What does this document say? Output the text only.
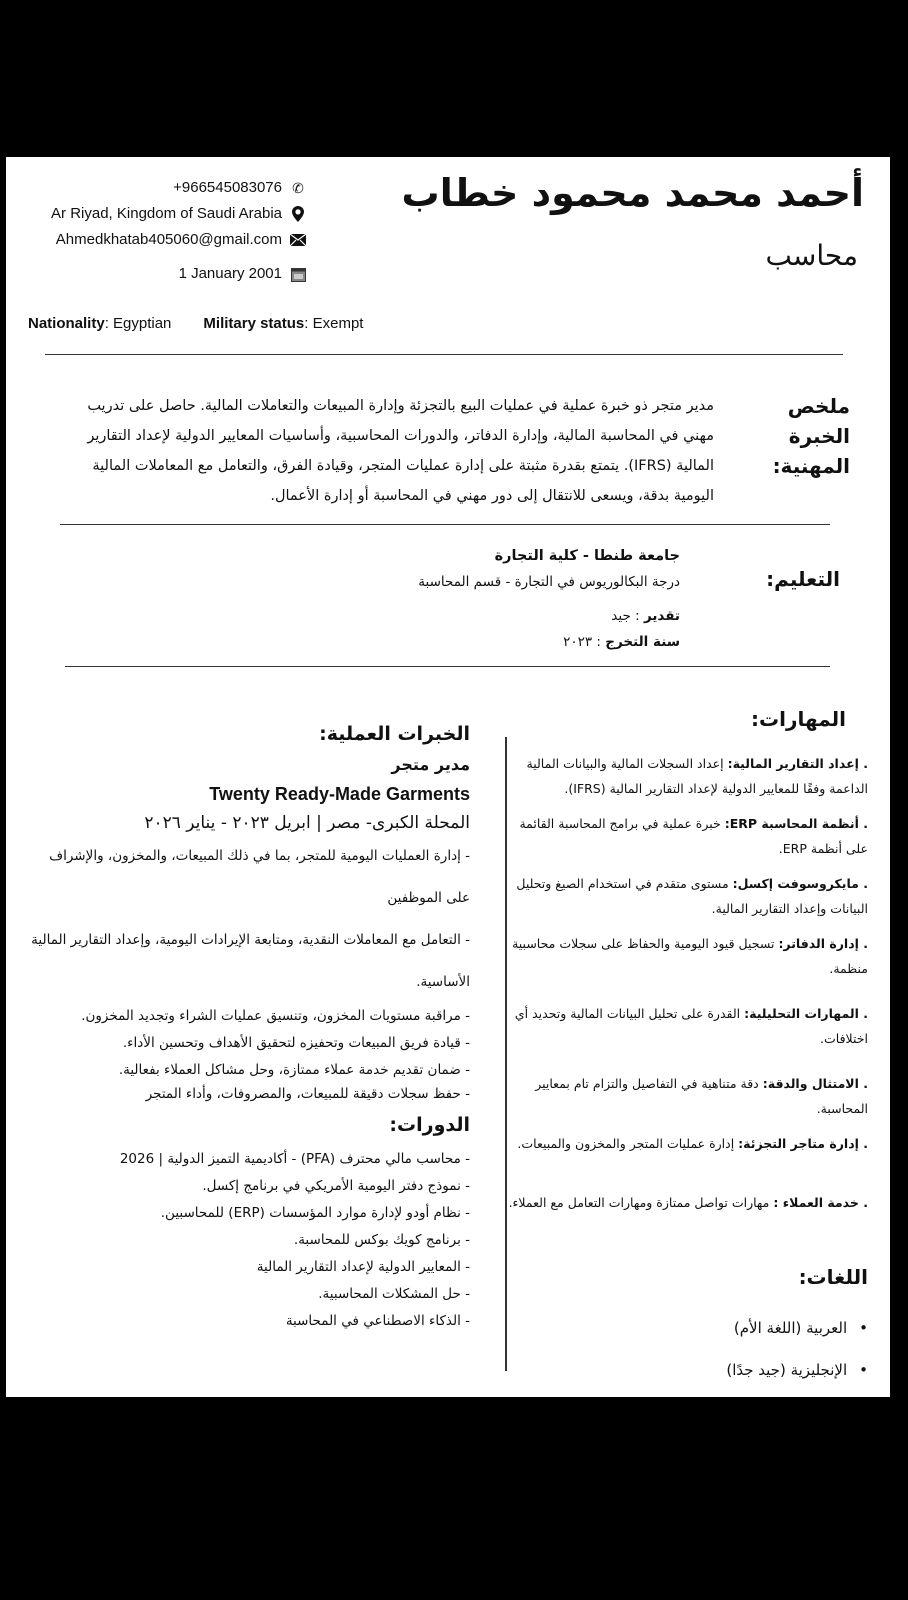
أحمد محمد محمود خطاب
محاسب
+966545083076 ✆
Ar Riyad, Kingdom of Saudi Arabia
Ahmedkhatab405060@gmail.com
1 January 2001
Nationality: Egyptian Military status: Exempt
ملخص الخبرة المهنية:
مدير متجر ذو خبرة عملية في عمليات البيع بالتجزئة وإدارة المبيعات والتعاملات المالية. حاصل على تدريب مهني في المحاسبة المالية، وإدارة الدفاتر، والدورات المحاسبية، وأساسيات المعايير الدولية لإعداد التقارير المالية (IFRS). يتمتع بقدرة مثبتة على إدارة عمليات المتجر، وقيادة الفرق، والتعامل مع المعاملات المالية اليومية بدقة، ويسعى للانتقال إلى دور مهني في المحاسبة أو إدارة الأعمال.
التعليم:
جامعة طنطا - كلية التجارة
درجة البكالوريوس في التجارة - قسم المحاسبة
تقدير : جيد
سنة التخرج : ٢٠٢٣
المهارات:
. إعداد التقارير المالية: إعداد السجلات المالية والبيانات المالية الداعمة وفقًا للمعايير الدولية لإعداد التقارير المالية (IFRS).
. أنظمة المحاسبة ERP: خبرة عملية في برامج المحاسبة القائمة على أنظمة ERP.
. مايكروسوفت إكسل: مستوى متقدم في استخدام الصيغ وتحليل البيانات وإعداد التقارير المالية.
. إدارة الدفاتر: تسجيل قيود اليومية والحفاظ على سجلات محاسبية منظمة.
. المهارات التحليلية: القدرة على تحليل البيانات المالية وتحديد أي اختلافات.
. الامتثال والدقة: دقة متناهية في التفاصيل والتزام تام بمعايير المحاسبة.
. إدارة متاجر التجزئة: إدارة عمليات المتجر والمخزون والمبيعات.
. خدمة العملاء : مهارات تواصل ممتازة ومهارات التعامل مع العملاء.
اللغات:
• العربية (اللغة الأم)
• الإنجليزية (جيد جدًا)
الخبرات العملية:
مدير متجر
Twenty Ready-Made Garments
المحلة الكبرى- مصر | ابريل ٢٠٢٣ - يناير ٢٠٢٦
- إدارة العمليات اليومية للمتجر، بما في ذلك المبيعات، والمخزون، والإشراف على الموظفين
- التعامل مع المعاملات النقدية، ومتابعة الإيرادات اليومية، وإعداد التقارير المالية الأساسية.
- مراقبة مستويات المخزون، وتنسيق عمليات الشراء وتجديد المخزون.
- قيادة فريق المبيعات وتحفيزه لتحقيق الأهداف وتحسين الأداء.
- ضمان تقديم خدمة عملاء ممتازة، وحل مشاكل العملاء بفعالية.
- حفظ سجلات دقيقة للمبيعات، والمصروفات، وأداء المتجر
الدورات:
- محاسب مالي محترف (PFA) - أكاديمية التميز الدولية | 2026
- نموذج دفتر اليومية الأمريكي في برنامج إكسل.
- نظام أودو لإدارة موارد المؤسسات (ERP) للمحاسبين.
- برنامج كويك بوكس للمحاسبة.
- المعايير الدولية لإعداد التقارير المالية
- حل المشكلات المحاسبية.
- الذكاء الاصطناعي في المحاسبة
